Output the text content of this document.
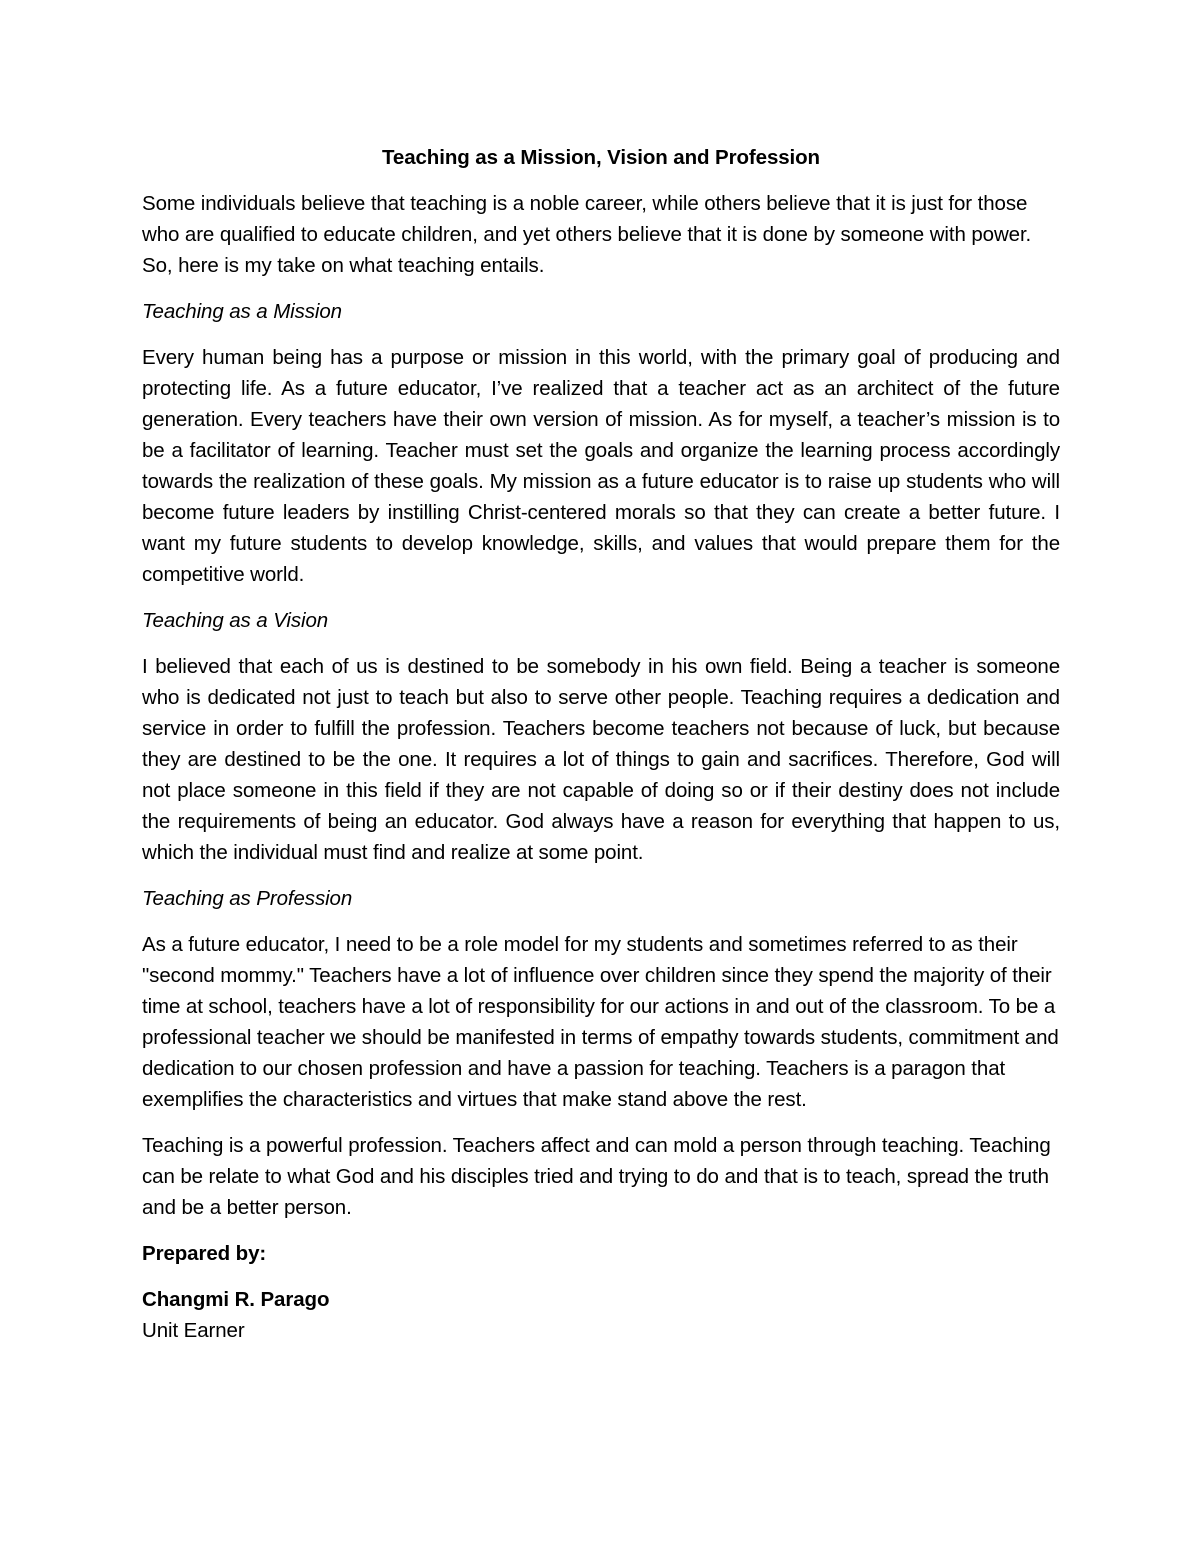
Teaching as a Mission, Vision and Profession

Some individuals believe that teaching is a noble career, while others believe that it is just for those who are qualified to educate children, and yet others believe that it is done by someone with power. So, here is my take on what teaching entails.

Teaching as a Mission

Every human being has a purpose or mission in this world, with the primary goal of producing and protecting life. As a future educator, I’ve realized that a teacher act as an architect of the future generation. Every teachers have their own version of mission. As for myself, a teacher’s mission is to be a facilitator of learning. Teacher must set the goals and organize the learning process accordingly towards the realization of these goals. My mission as a future educator is to raise up students who will become future leaders by instilling Christ-centered morals so that they can create a better future. I want my future students to develop knowledge, skills, and values that would prepare them for the competitive world.

Teaching as a Vision

I believed that each of us is destined to be somebody in his own field. Being a teacher is someone who is dedicated not just to teach but also to serve other people. Teaching requires a dedication and service in order to fulfill the profession. Teachers become teachers not because of luck, but because they are destined to be the one. It requires a lot of things to gain and sacrifices. Therefore, God will not place someone in this field if they are not capable of doing so or if their destiny does not include the requirements of being an educator. God always have a reason for everything that happen to us, which the individual must find and realize at some point.

Teaching as Profession

As a future educator, I need to be a role model for my students and sometimes referred to as their "second mommy." Teachers have a lot of influence over children since they spend the majority of their time at school, teachers have a lot of responsibility for our actions in and out of the classroom. To be a professional teacher we should be manifested in terms of empathy towards students, commitment and dedication to our chosen profession and have a passion for teaching. Teachers is a paragon that exemplifies the characteristics and virtues that make stand above the rest.

Teaching is a powerful profession. Teachers affect and can mold a person through teaching. Teaching can be relate to what God and his disciples tried and trying to do and that is to teach, spread the truth and be a better person.

Prepared by:

Changmi R. Parago

Unit Earner
